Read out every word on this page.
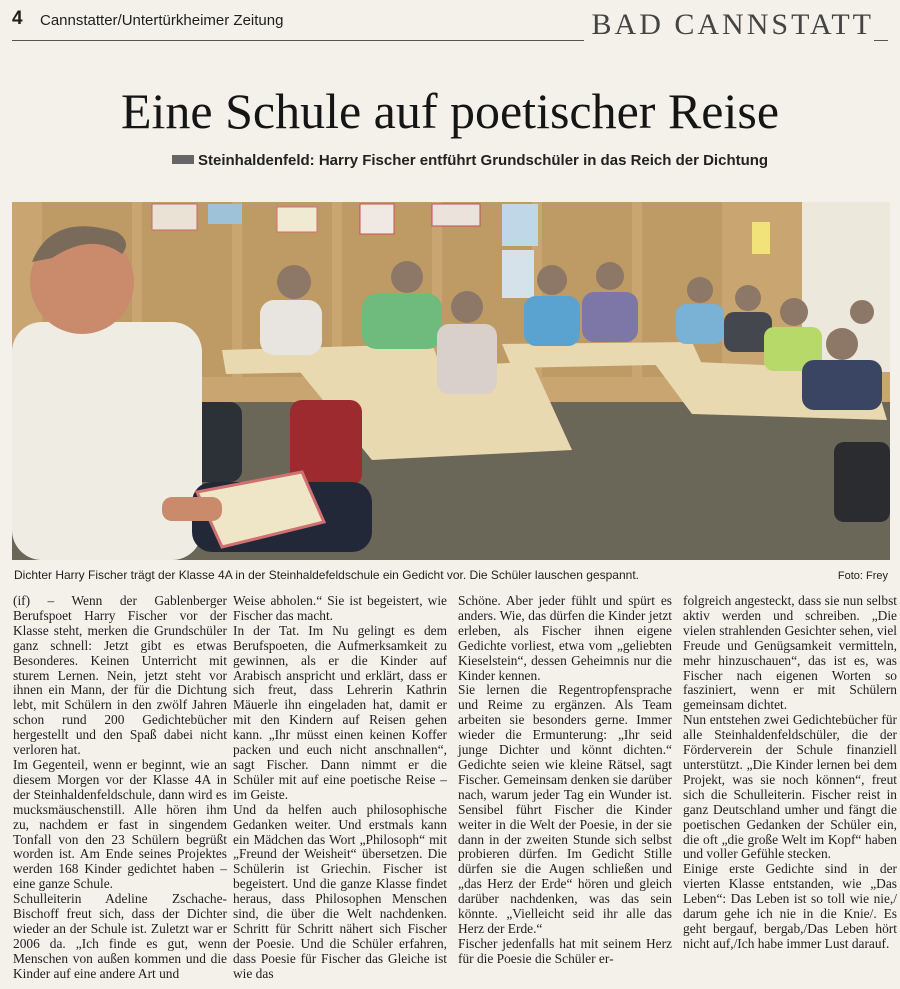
4 Cannstatter/Untertürkheimer Zeitung	BAD CANNSTATT
Eine Schule auf poetischer Reise
Steinhaldenfeld: Harry Fischer entführt Grundschüler in das Reich der Dichtung
Dichter Harry Fischer trägt der Klasse 4A in der Steinhaldefeldschule ein Gedicht vor. Die Schüler lauschen gespannt.	Foto: Frey

(if) – Wenn der Gablenberger Berufspoet Harry Fischer vor der Klasse steht, merken die Grundschüler ganz schnell: Jetzt gibt es etwas Besonderes. Keinen Unterricht mit sturem Lernen. Nein, jetzt steht vor ihnen ein Mann, der für die Dichtung lebt, mit Schülern in den zwölf Jahren schon rund 200 Gedichtebücher hergestellt und den Spaß dabei nicht verloren hat.

Im Gegenteil, wenn er beginnt, wie an diesem Morgen vor der Klasse 4A in der Steinhaldenfeldschule, dann wird es mucksmäuschenstill. Alle hören ihm zu, nachdem er fast in singendem Tonfall von den 23 Schülern begrüßt worden ist. Am Ende seines Projektes werden 168 Kinder gedichtet haben – eine ganze Schule.

Schulleiterin Adeline Zschache-Bischoff freut sich, dass der Dichter wieder an der Schule ist. Zuletzt war er 2006 da. „Ich finde es gut, wenn Menschen von außen kommen und die Kinder auf eine andere Art und

Weise abholen.“ Sie ist begeistert, wie Fischer das macht.

In der Tat. Im Nu gelingt es dem Berufspoeten, die Aufmerksamkeit zu gewinnen, als er die Kinder auf Arabisch anspricht und erklärt, dass er sich freut, dass Lehrerin Kathrin Mäuerle ihn eingeladen hat, damit er mit den Kindern auf Reisen gehen kann. „Ihr müsst einen keinen Koffer packen und euch nicht anschnallen“, sagt Fischer. Dann nimmt er die Schüler mit auf eine poetische Reise – im Geiste.

Und da helfen auch philosophische Gedanken weiter. Und erstmals kann ein Mädchen das Wort „Philosoph“ mit „Freund der Weisheit“ übersetzen. Die Schülerin ist Griechin. Fischer ist begeistert. Und die ganze Klasse findet heraus, dass Philosophen Menschen sind, die über die Welt nachdenken. Schritt für Schritt nähert sich Fischer der Poesie. Und die Schüler erfahren, dass Poesie für Fischer das Gleiche ist wie das

Schöne. Aber jeder fühlt und spürt es anders. Wie, das dürfen die Kinder jetzt erleben, als Fischer ihnen eigene Gedichte vorliest, etwa vom „geliebten Kieselstein“, dessen Geheimnis nur die Kinder kennen.

Sie lernen die Regentropfensprache und Reime zu ergänzen. Als Team arbeiten sie besonders gerne. Immer wieder die Ermunterung: „Ihr seid junge Dichter und könnt dichten.“ Gedichte seien wie kleine Rätsel, sagt Fischer. Gemeinsam denken sie darüber nach, warum jeder Tag ein Wunder ist. Sensibel führt Fischer die Kinder weiter in die Welt der Poesie, in der sie dann in der zweiten Stunde sich selbst probieren dürfen. Im Gedicht Stille dürfen sie die Augen schließen und „das Herz der Erde“ hören und gleich darüber nachdenken, was das sein könnte. „Vielleicht seid ihr alle das Herz der Erde.“

Fischer jedenfalls hat mit seinem Herz für die Poesie die Schüler er-

folgreich angesteckt, dass sie nun selbst aktiv werden und schreiben. „Die vielen strahlenden Gesichter sehen, viel Freude und Genügsamkeit vermitteln, mehr hinzuschauen“, das ist es, was Fischer nach eigenen Worten so fasziniert, wenn er mit Schülern gemeinsam dichtet.

Nun entstehen zwei Gedichtebücher für alle Steinhaldenfeldschüler, die der Förderverein der Schule finanziell unterstützt. „Die Kinder lernen bei dem Projekt, was sie noch können“, freut sich die Schulleiterin. Fischer reist in ganz Deutschland umher und fängt die poetischen Gedanken der Schüler ein, die oft „die große Welt im Kopf“ haben und voller Gefühle stecken.

Einige erste Gedichte sind in der vierten Klasse entstanden, wie „Das Leben“: Das Leben ist so toll wie nie,/ darum gehe ich nie in die Knie/. Es geht bergauf, bergab,/Das Leben hört nicht auf,/Ich habe immer Lust darauf.
